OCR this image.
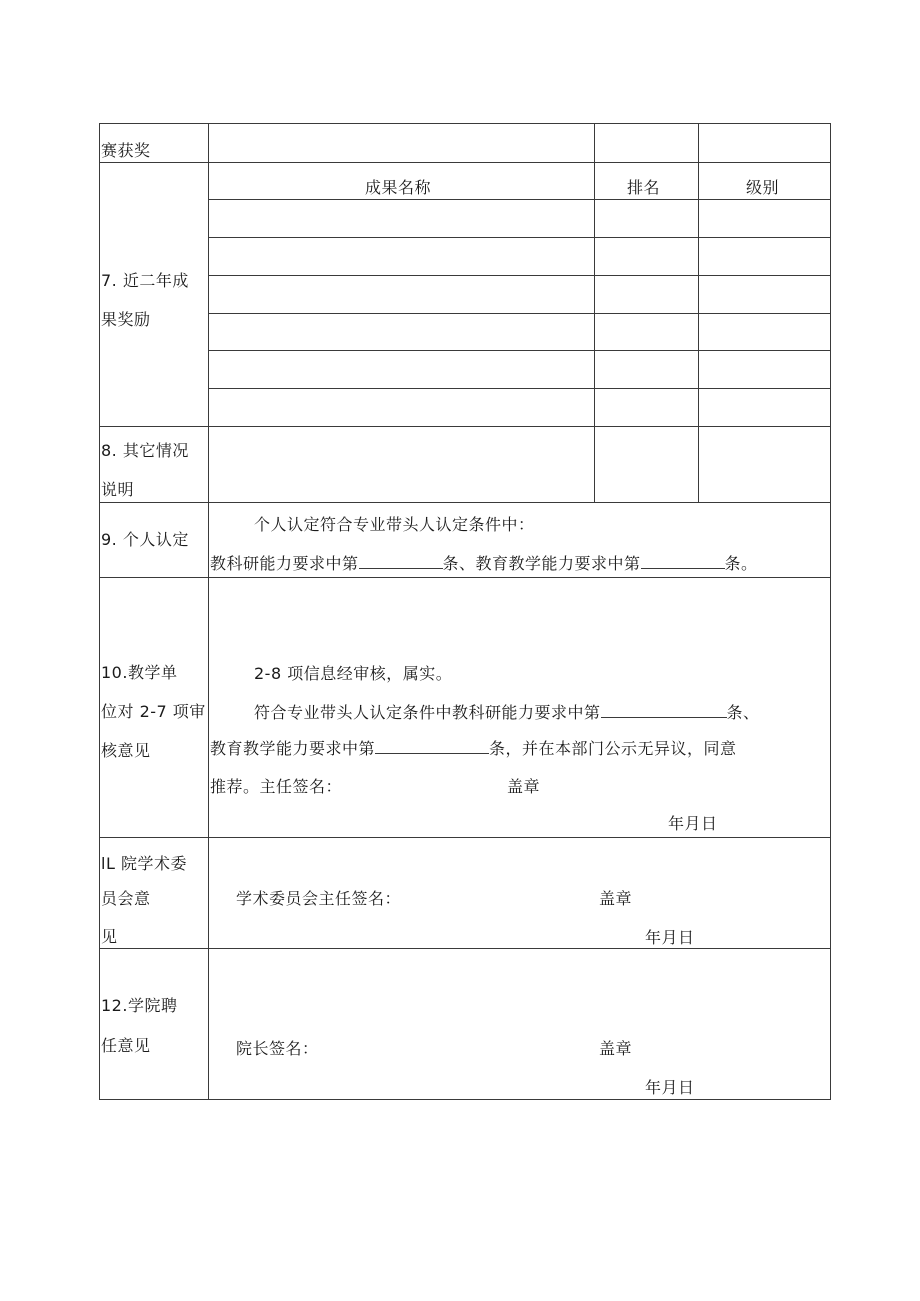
赛获奖
7. 近二年成
果奖励
成果名称	排名	级别
8. 其它情况
说明
9. 个人认定
个人认定符合专业带头人认定条件中：
教科研能力要求中第	条、教育教学能力要求中第	条。
10.教学单
位对 2-7 项审
核意见
2-8 项信息经审核，属实。
符合专业带头人认定条件中教科研能力要求中第	条、
教育教学能力要求中第	条，并在本部门公示无异议，同意
推荐。主任签名：	盖章
年月日
lL 院学术委
员会意
见
学术委员会主任签名：	盖章
年月日
12.学院聘
任意见	院长签名：	盖章
年月日
